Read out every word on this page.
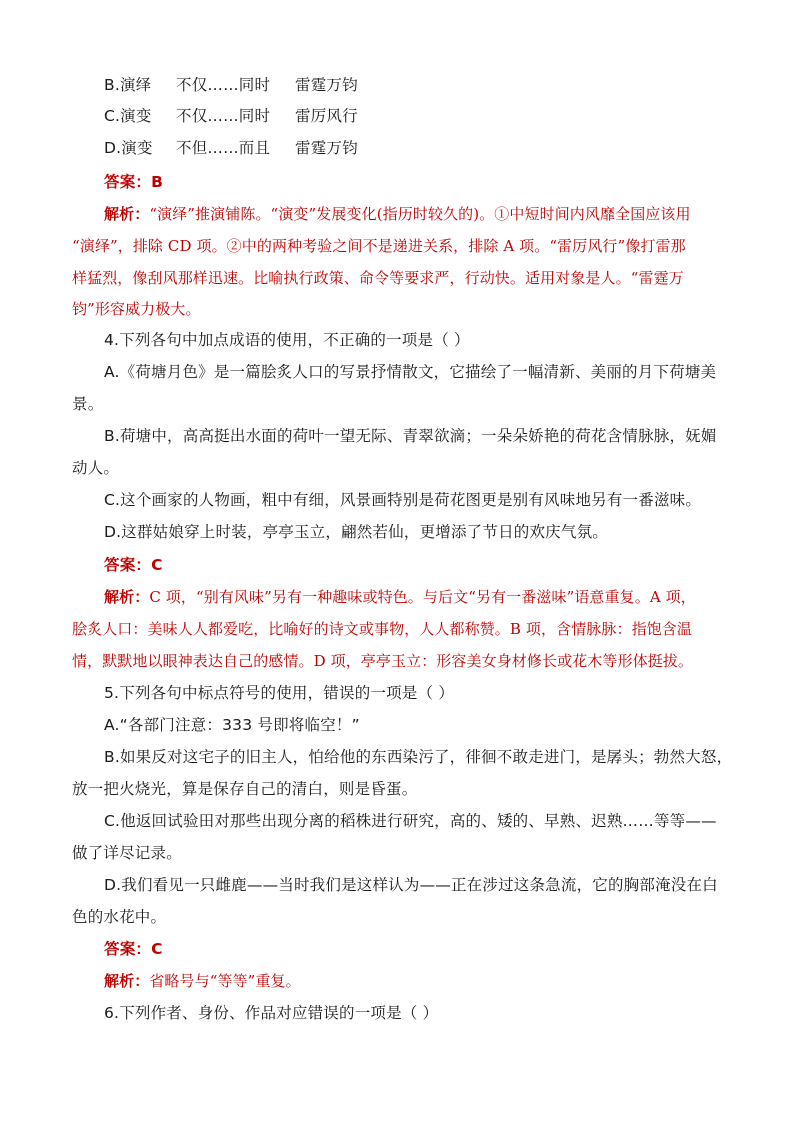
B.演绎 不仅……同时 雷霆万钧
C.演变 不仅……同时 雷厉风行
D.演变 不但……而且 雷霆万钧
答案：B
解析：“演绎”推演铺陈。“演变”发展变化(指历时较久的)。①中短时间内风靡全国应该用
“演绎”，排除 CD 项。②中的两种考验之间不是递进关系，排除 A 项。“雷厉风行”像打雷那
样猛烈，像刮风那样迅速。比喻执行政策、命令等要求严，行动快。适用对象是人。“雷霆万
钧”形容威力极大。
4.下列各句中加点成语的使用，不正确的一项是（ ）
A.《荷塘月色》是一篇脍炙人口的写景抒情散文，它描绘了一幅清新、美丽的月下荷塘美
景。
B.荷塘中，高高挺出水面的荷叶一望无际、青翠欲滴；一朵朵娇艳的荷花含情脉脉，妩媚
动人。
C.这个画家的人物画，粗中有细，风景画特别是荷花图更是别有风味地另有一番滋味。
D.这群姑娘穿上时装，亭亭玉立，翩然若仙，更增添了节日的欢庆气氛。
答案：C
解析：C 项，“别有风味”另有一种趣味或特色。与后文“另有一番滋味”语意重复。A 项，
脍炙人口：美味人人都爱吃，比喻好的诗文或事物，人人都称赞。B 项，含情脉脉：指饱含温
情，默默地以眼神表达自己的感情。D 项，亭亭玉立：形容美女身材修长或花木等形体挺拔。
5.下列各句中标点符号的使用，错误的一项是（ ）
A.“各部门注意：333 号即将临空！”
B.如果反对这宅子的旧主人，怕给他的东西染污了，徘徊不敢走进门，是孱头；勃然大怒，
放一把火烧光，算是保存自己的清白，则是昏蛋。
C.他返回试验田对那些出现分离的稻株进行研究，高的、矮的、早熟、迟熟……等等——
做了详尽记录。
D.我们看见一只雌鹿——当时我们是这样认为——正在涉过这条急流，它的胸部淹没在白
色的水花中。
答案：C
解析：省略号与“等等”重复。
6.下列作者、身份、作品对应错误的一项是（ ）
